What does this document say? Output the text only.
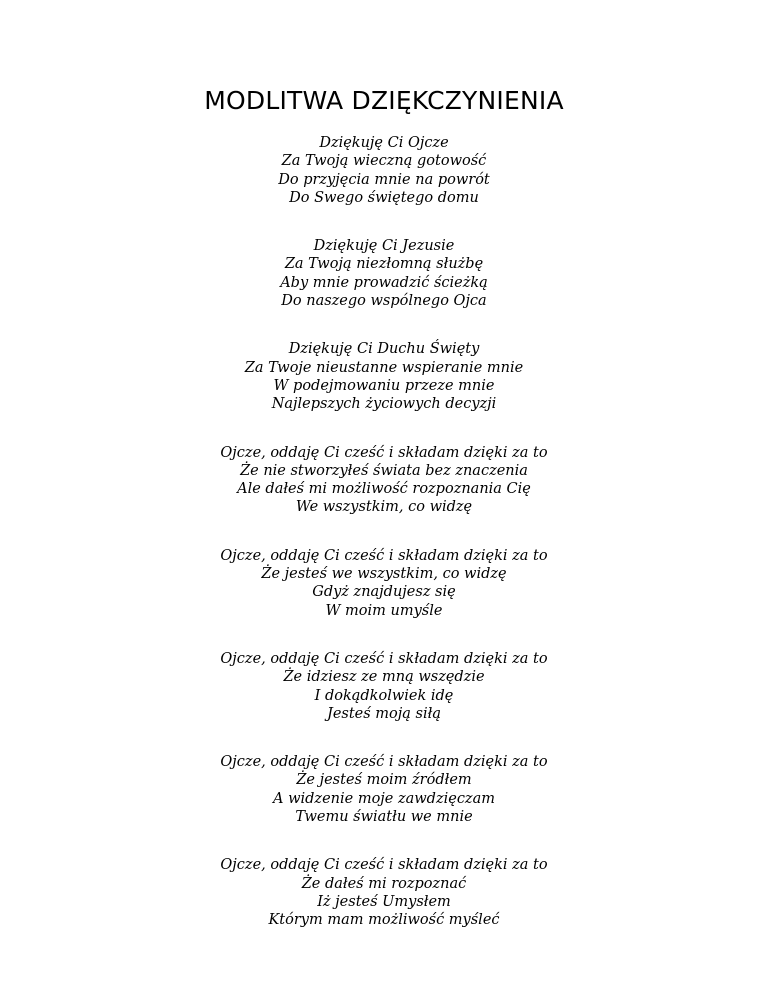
MODLITWA DZIĘKCZYNIENIA
Dziękuję Ci Ojcze
Za Twoją wieczną gotowość
Do przyjęcia mnie na powrót
Do Swego świętego domu
Dziękuję Ci Jezusie
Za Twoją niezłomną służbę
Aby mnie prowadzić ścieżką
Do naszego wspólnego Ojca
Dziękuję Ci Duchu Święty
Za Twoje nieustanne wspieranie mnie
W podejmowaniu przeze mnie
Najlepszych życiowych decyzji
Ojcze, oddaję Ci cześć i składam dzięki za to
Że nie stworzyłeś świata bez znaczenia
Ale dałeś mi możliwość rozpoznania Cię
We wszystkim, co widzę
Ojcze, oddaję Ci cześć i składam dzięki za to
Że jesteś we wszystkim, co widzę
Gdyż znajdujesz się
W moim umyśle
Ojcze, oddaję Ci cześć i składam dzięki za to
Że idziesz ze mną wszędzie
I dokądkolwiek idę
Jesteś moją siłą
Ojcze, oddaję Ci cześć i składam dzięki za to
Że jesteś moim źródłem
A widzenie moje zawdzięczam
Twemu światłu we mnie
Ojcze, oddaję Ci cześć i składam dzięki za to
Że dałeś mi rozpoznać
Iż jesteś Umysłem
Którym mam możliwość myśleć
